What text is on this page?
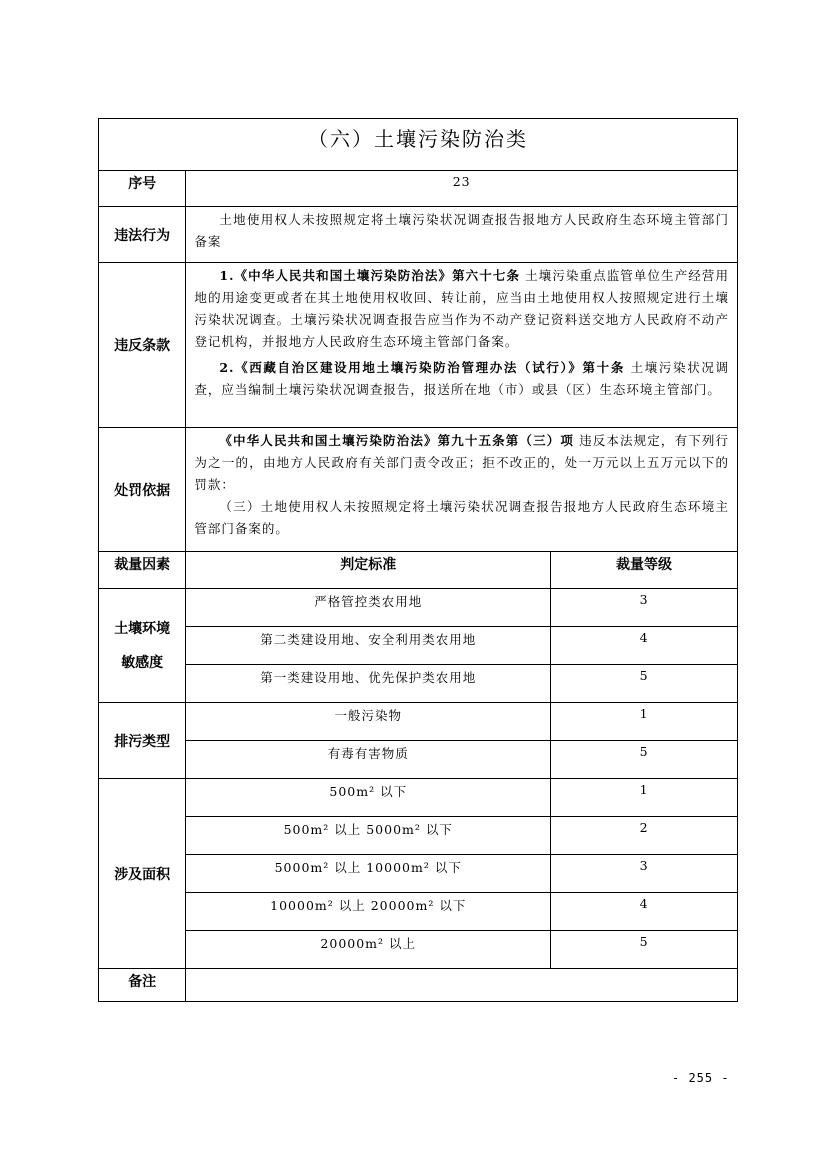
（六）土壤污染防治类		
序号	23	
违法行为	土地使用权人未按照规定将土壤污染状况调查报告报地方人民政府生态环境主管部门备案	

违反条款	1.《中华人民共和国土壤污染防治法》第六十七条 土壤污染重点监管单位生产经营用地的用途变更或者在其土地使用权收回、转让前，应当由土地使用权人按照规定进行土壤污染状况调查。土壤污染状况调查报告应当作为不动产登记资料送交地方人民政府不动产登记机构，并报地方人民政府生态环境主管部门备案。

2.《西藏自治区建设用地土壤污染防治管理办法（试行）》第十条 土壤污染状况调查，应当编制土壤污染状况调查报告，报送所在地（市）或县（区）生态环境主管部门。	

处罚依据	《中华人民共和国土壤污染防治法》第九十五条第（三）项 违反本法规定，有下列行为之一的，由地方人民政府有关部门责令改正；拒不改正的，处一万元以上五万元以下的罚款：

（三）土地使用权人未按照规定将土壤污染状况调查报告报地方人民政府生态环境主管部门备案的。	

裁量因素	判定标准	裁量等级

土壤环境
敏感度	严格管控类农用地	3
	第二类建设用地、安全利用类农用地	4
	第一类建设用地、优先保护类农用地	5
排污类型	一般污染物	1
	有毒有害物质	5
涉及面积	500m² 以下	1
	500m² 以上 5000m² 以下	2
	5000m² 以上 10000m² 以下	3
	10000m² 以上 20000m² 以下	4
	20000m² 以上	5
备注		
- 255 -
